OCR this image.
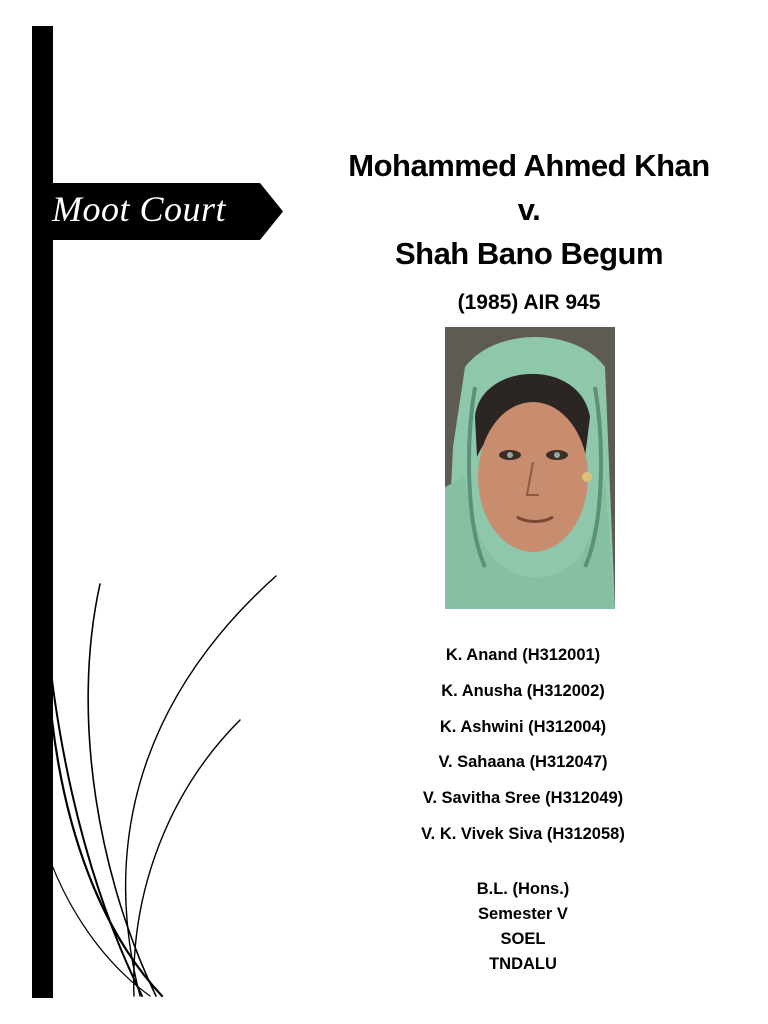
Moot Court
Mohammed Ahmed Khan
v.
Shah Bano Begum
(1985) AIR 945
K. Anand (H312001)
K. Anusha (H312002)
K. Ashwini (H312004)
V. Sahaana (H312047)
V. Savitha Sree (H312049)
V. K. Vivek Siva (H312058)
B.L. (Hons.)
Semester V
SOEL
TNDALU
